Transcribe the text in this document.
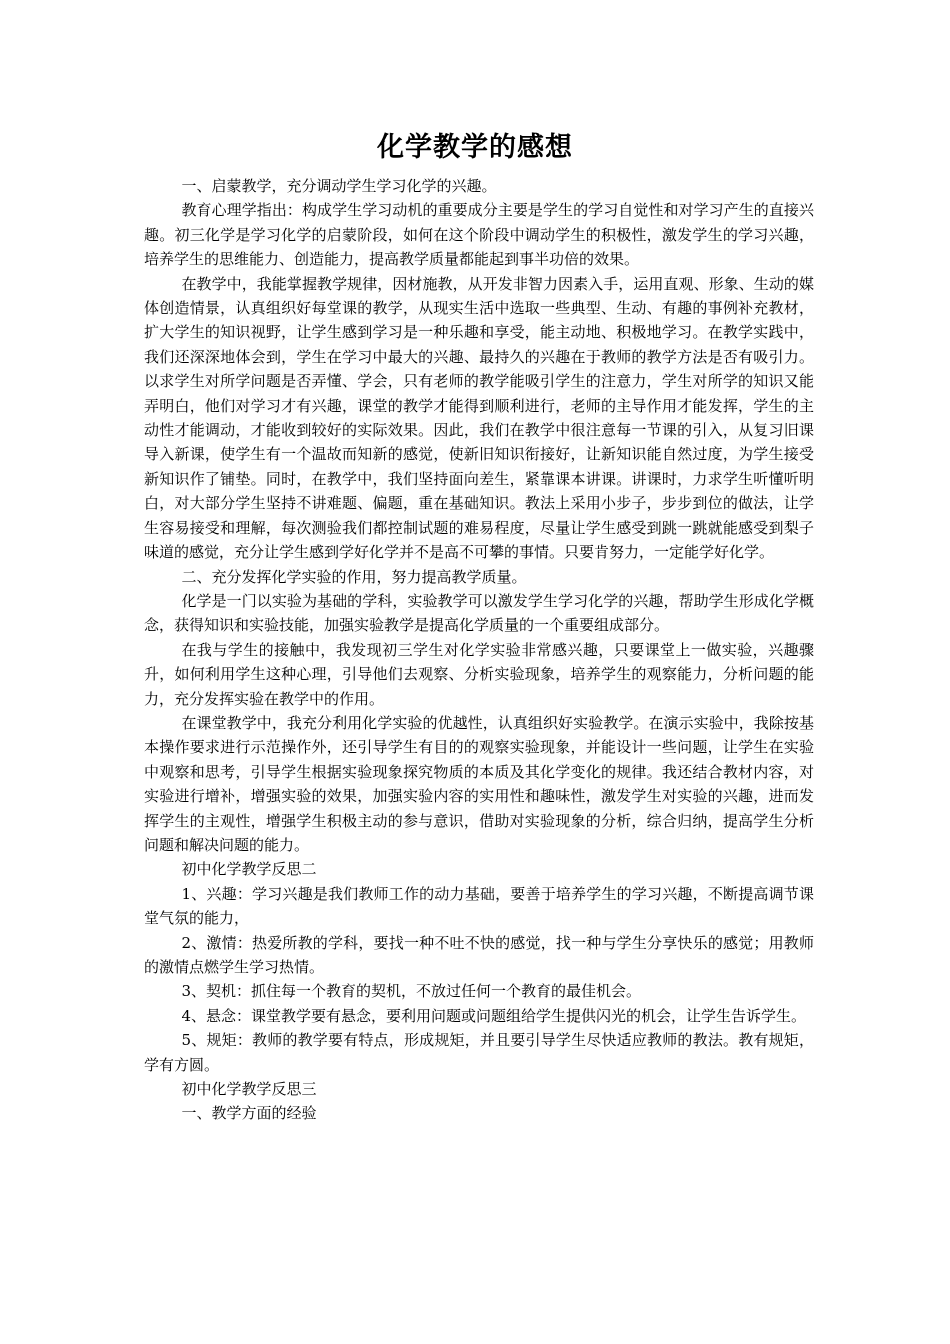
化学教学的感想

一、启蒙教学，充分调动学生学习化学的兴趣。

教育心理学指出：构成学生学习动机的重要成分主要是学生的学习自觉性和对学习产生的直接兴趣。初三化学是学习化学的启蒙阶段，如何在这个阶段中调动学生的积极性，激发学生的学习兴趣，培养学生的思维能力、创造能力，提高教学质量都能起到事半功倍的效果。

在教学中，我能掌握教学规律，因材施教，从开发非智力因素入手，运用直观、形象、生动的媒体创造情景，认真组织好每堂课的教学，从现实生活中选取一些典型、生动、有趣的事例补充教材，扩大学生的知识视野，让学生感到学习是一种乐趣和享受，能主动地、积极地学习。在教学实践中，我们还深深地体会到，学生在学习中最大的兴趣、最持久的兴趣在于教师的教学方法是否有吸引力。以求学生对所学问题是否弄懂、学会，只有老师的教学能吸引学生的注意力，学生对所学的知识又能弄明白，他们对学习才有兴趣，课堂的教学才能得到顺利进行，老师的主导作用才能发挥，学生的主动性才能调动，才能收到较好的实际效果。因此，我们在教学中很注意每一节课的引入，从复习旧课导入新课，使学生有一个温故而知新的感觉，使新旧知识衔接好，让新知识能自然过度，为学生接受新知识作了铺垫。同时，在教学中，我们坚持面向差生，紧靠课本讲课。讲课时，力求学生听懂听明白，对大部分学生坚持不讲难题、偏题，重在基础知识。教法上采用小步子，步步到位的做法，让学生容易接受和理解，每次测验我们都控制试题的难易程度，尽量让学生感受到跳一跳就能感受到梨子味道的感觉，充分让学生感到学好化学并不是高不可攀的事情。只要肯努力，一定能学好化学。

二、充分发挥化学实验的作用，努力提高教学质量。

化学是一门以实验为基础的学科，实验教学可以激发学生学习化学的兴趣，帮助学生形成化学概念，获得知识和实验技能，加强实验教学是提高化学质量的一个重要组成部分。

在我与学生的接触中，我发现初三学生对化学实验非常感兴趣，只要课堂上一做实验，兴趣骤升，如何利用学生这种心理，引导他们去观察、分析实验现象，培养学生的观察能力，分析问题的能力，充分发挥实验在教学中的作用。

在课堂教学中，我充分利用化学实验的优越性，认真组织好实验教学。在演示实验中，我除按基本操作要求进行示范操作外，还引导学生有目的的观察实验现象，并能设计一些问题，让学生在实验中观察和思考，引导学生根据实验现象探究物质的本质及其化学变化的规律。我还结合教材内容，对实验进行增补，增强实验的效果，加强实验内容的实用性和趣味性，激发学生对实验的兴趣，进而发挥学生的主观性，增强学生积极主动的参与意识，借助对实验现象的分析，综合归纳，提高学生分析问题和解决问题的能力。

初中化学教学反思二

1、兴趣：学习兴趣是我们教师工作的动力基础，要善于培养学生的学习兴趣，不断提高调节课堂气氛的能力，

2、激情：热爱所教的学科，要找一种不吐不快的感觉，找一种与学生分享快乐的感觉；用教师的激情点燃学生学习热情。

3、契机：抓住每一个教育的契机，不放过任何一个教育的最佳机会。

4、悬念：课堂教学要有悬念，要利用问题或问题组给学生提供闪光的机会，让学生告诉学生。

5、规矩：教师的教学要有特点，形成规矩，并且要引导学生尽快适应教师的教法。教有规矩，学有方圆。

初中化学教学反思三

一、教学方面的经验
